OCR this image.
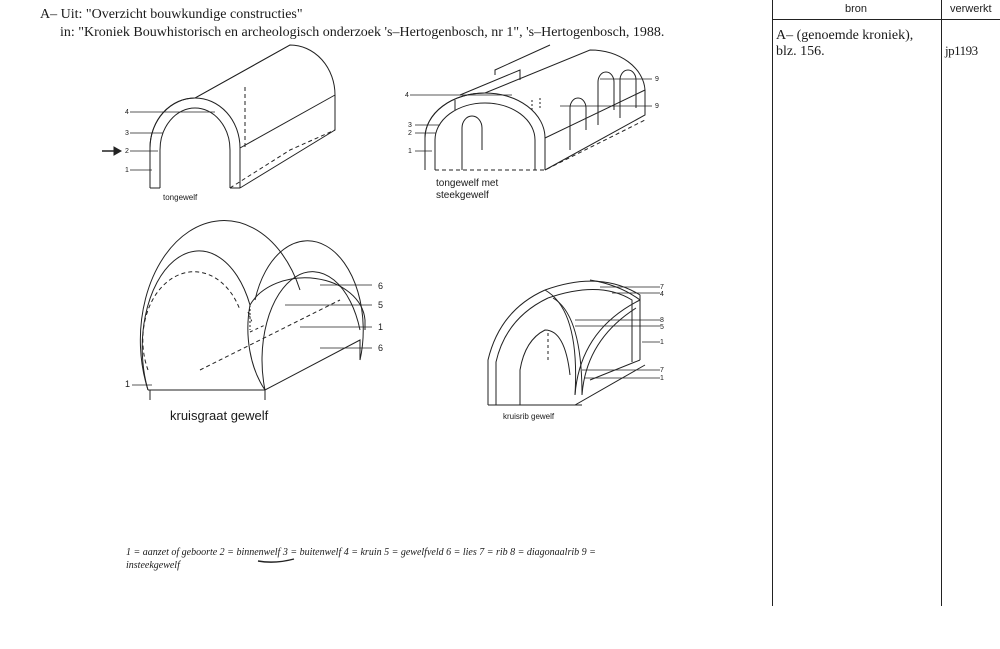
A– Uit: "Overzicht bouwkundige constructies"
in: "Kroniek Bouwhistorisch en archeologisch onderzoek 's–Hertogenbosch, nr 1", 's–Hertogenbosch, 1988.
bron	verwerkt
A– (genoemde kroniek),
blz. 156.	jp1193
tongewelf
tongewelf met
steekgewelf
kruisgraat gewelf	kruisrib gewelf
4
3
2
1
4
3
2
1
9
9
6
5
1
6
1
7
4
8
5
1
7
1
1 = aanzet of geboorte 2 = binnenwelf 3 = buitenwelf 4 = kruin 5 = gewelfveld 6 = lies 7 = rib 8 = diagonaalrib 9 =
insteekgewelf
